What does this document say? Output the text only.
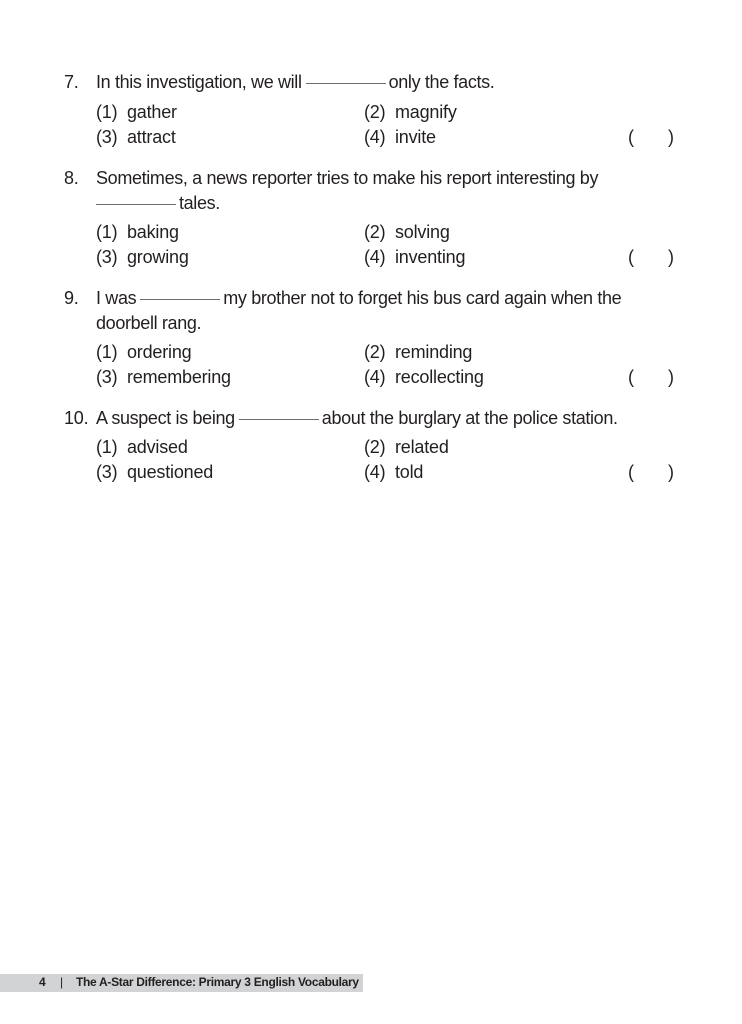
7. In this investigation, we will	only the facts.
(1) gather	(2) magnify
(3) attract	(4) invite	( )
8. Sometimes, a news reporter tries to make his report interesting by
tales.
(1) baking	(2) solving
(3) growing	(4) inventing	( )
9. I was	my brother not to forget his bus card again when the
doorbell rang.
(1) ordering	(2) reminding
(3) remembering	(4) recollecting	( )
10. A suspect is being	about the burglary at the police station.
(1) advised	(2) related
(3) questioned	(4) told	( )
4 | The A-Star Difference: Primary 3 English Vocabulary
